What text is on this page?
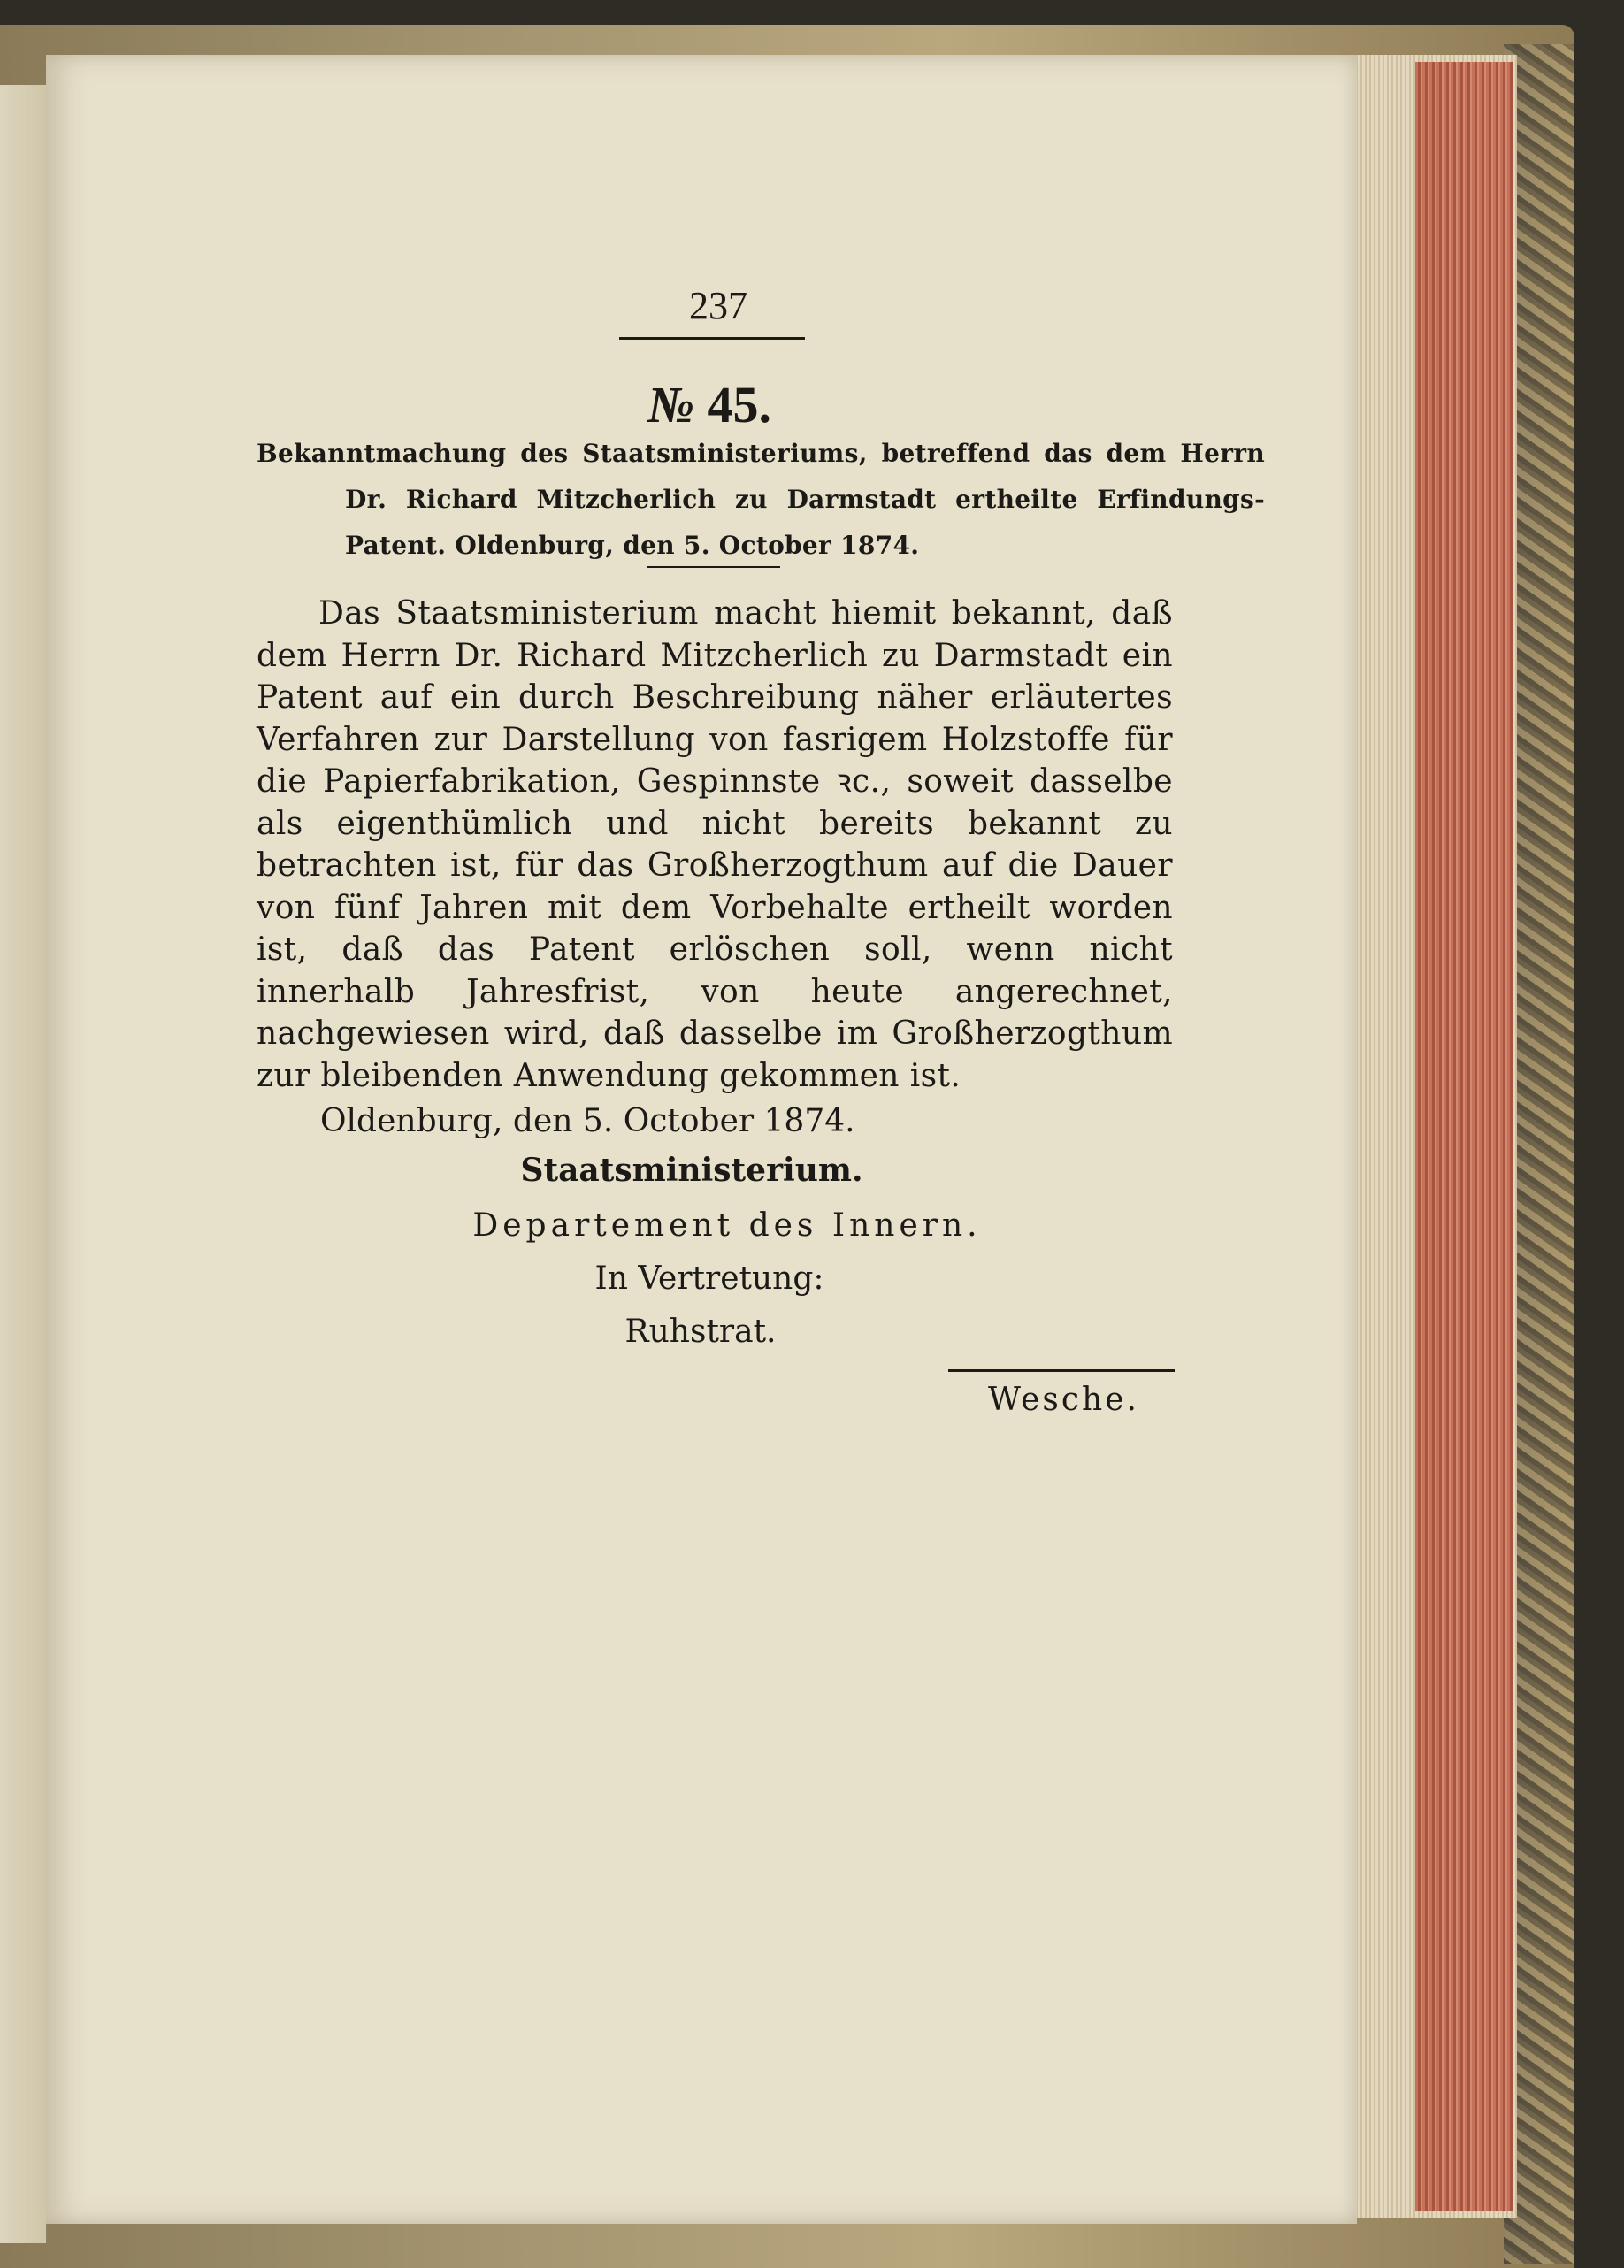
237
№ 45.
Bekanntmachung des Staatsministeriums, betreffend das dem Herrn Dr. Richard Mitzcherlich zu Darmstadt ertheilte Erfindungs-Patent. Oldenburg, den 5. October 1874.
Das Staatsministerium macht hiemit bekannt, daß dem Herrn Dr. Richard Mitzcherlich zu Darmstadt ein Patent auf ein durch Beschreibung näher erläutertes Verfahren zur Darstellung von fasrigem Holzstoffe für die Papierfabrikation, Gespinnste ꝛc., soweit dasselbe als eigenthümlich und nicht bereits bekannt zu betrachten ist, für das Großherzogthum auf die Dauer von fünf Jahren mit dem Vorbehalte ertheilt worden ist, daß das Patent erlöschen soll, wenn nicht innerhalb Jahresfrist, von heute angerechnet, nachgewiesen wird, daß dasselbe im Großherzogthum zur bleibenden Anwendung gekommen ist.
Oldenburg, den 5. October 1874.
Staatsministerium.
Departement des Innern.
In Vertretung:
Ruhstrat.
Wesche.
